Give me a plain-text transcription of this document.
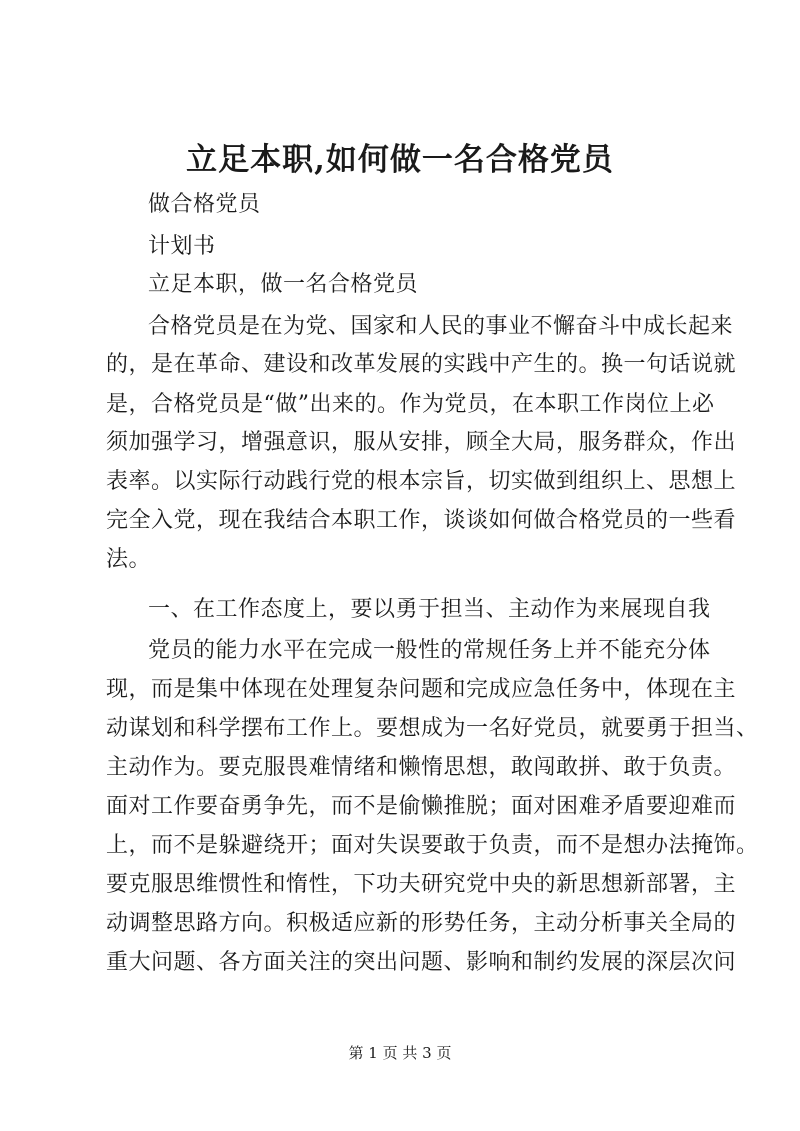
立足本职,如何做一名合格党员
做合格党员
计划书
立足本职，做一名合格党员
合格党员是在为党、国家和人民的事业不懈奋斗中成长起来
的，是在革命、建设和改革发展的实践中产生的。换一句话说就
是，合格党员是“做”出来的。作为党员，在本职工作岗位上必
须加强学习，增强意识，服从安排，顾全大局，服务群众，作出
表率。以实际行动践行党的根本宗旨，切实做到组织上、思想上
完全入党，现在我结合本职工作，谈谈如何做合格党员的一些看
法。
一、在工作态度上，要以勇于担当、主动作为来展现自我
党员的能力水平在完成一般性的常规任务上并不能充分体
现，而是集中体现在处理复杂问题和完成应急任务中，体现在主
动谋划和科学摆布工作上。要想成为一名好党员，就要勇于担当、
主动作为。要克服畏难情绪和懒惰思想，敢闯敢拼、敢于负责。
面对工作要奋勇争先，而不是偷懒推脱；面对困难矛盾要迎难而
上，而不是躲避绕开；面对失误要敢于负责，而不是想办法掩饰。
要克服思维惯性和惰性，下功夫研究党中央的新思想新部署，主
动调整思路方向。积极适应新的形势任务，主动分析事关全局的
重大问题、各方面关注的突出问题、影响和制约发展的深层次问
第 1 页 共 3 页
